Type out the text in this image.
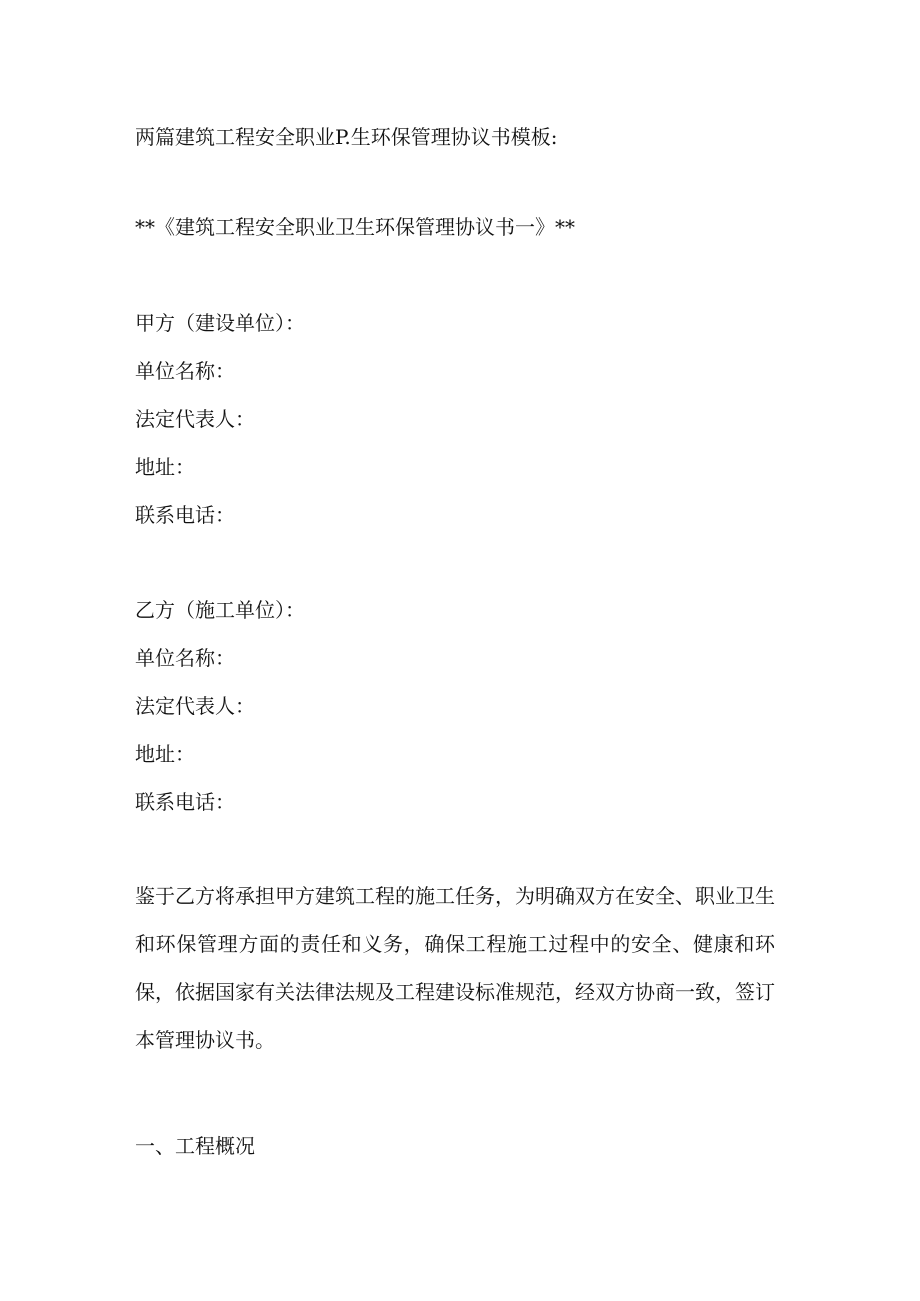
两篇建筑工程安全职业P.生环保管理协议书模板:
**《建筑工程安全职业卫生环保管理协议书一》**
甲方（建设单位）：
单位名称：
法定代表人：
地址：
联系电话：
乙方（施工单位）：
单位名称：
法定代表人：
地址：
联系电话：
鉴于乙方将承担甲方建筑工程的施工任务，为明确双方在安全、职业卫生和环保管理方面的责任和义务，确保工程施工过程中的安全、健康和环保，依据国家有关法律法规及工程建设标准规范，经双方协商一致，签订本管理协议书。
一、工程概况
